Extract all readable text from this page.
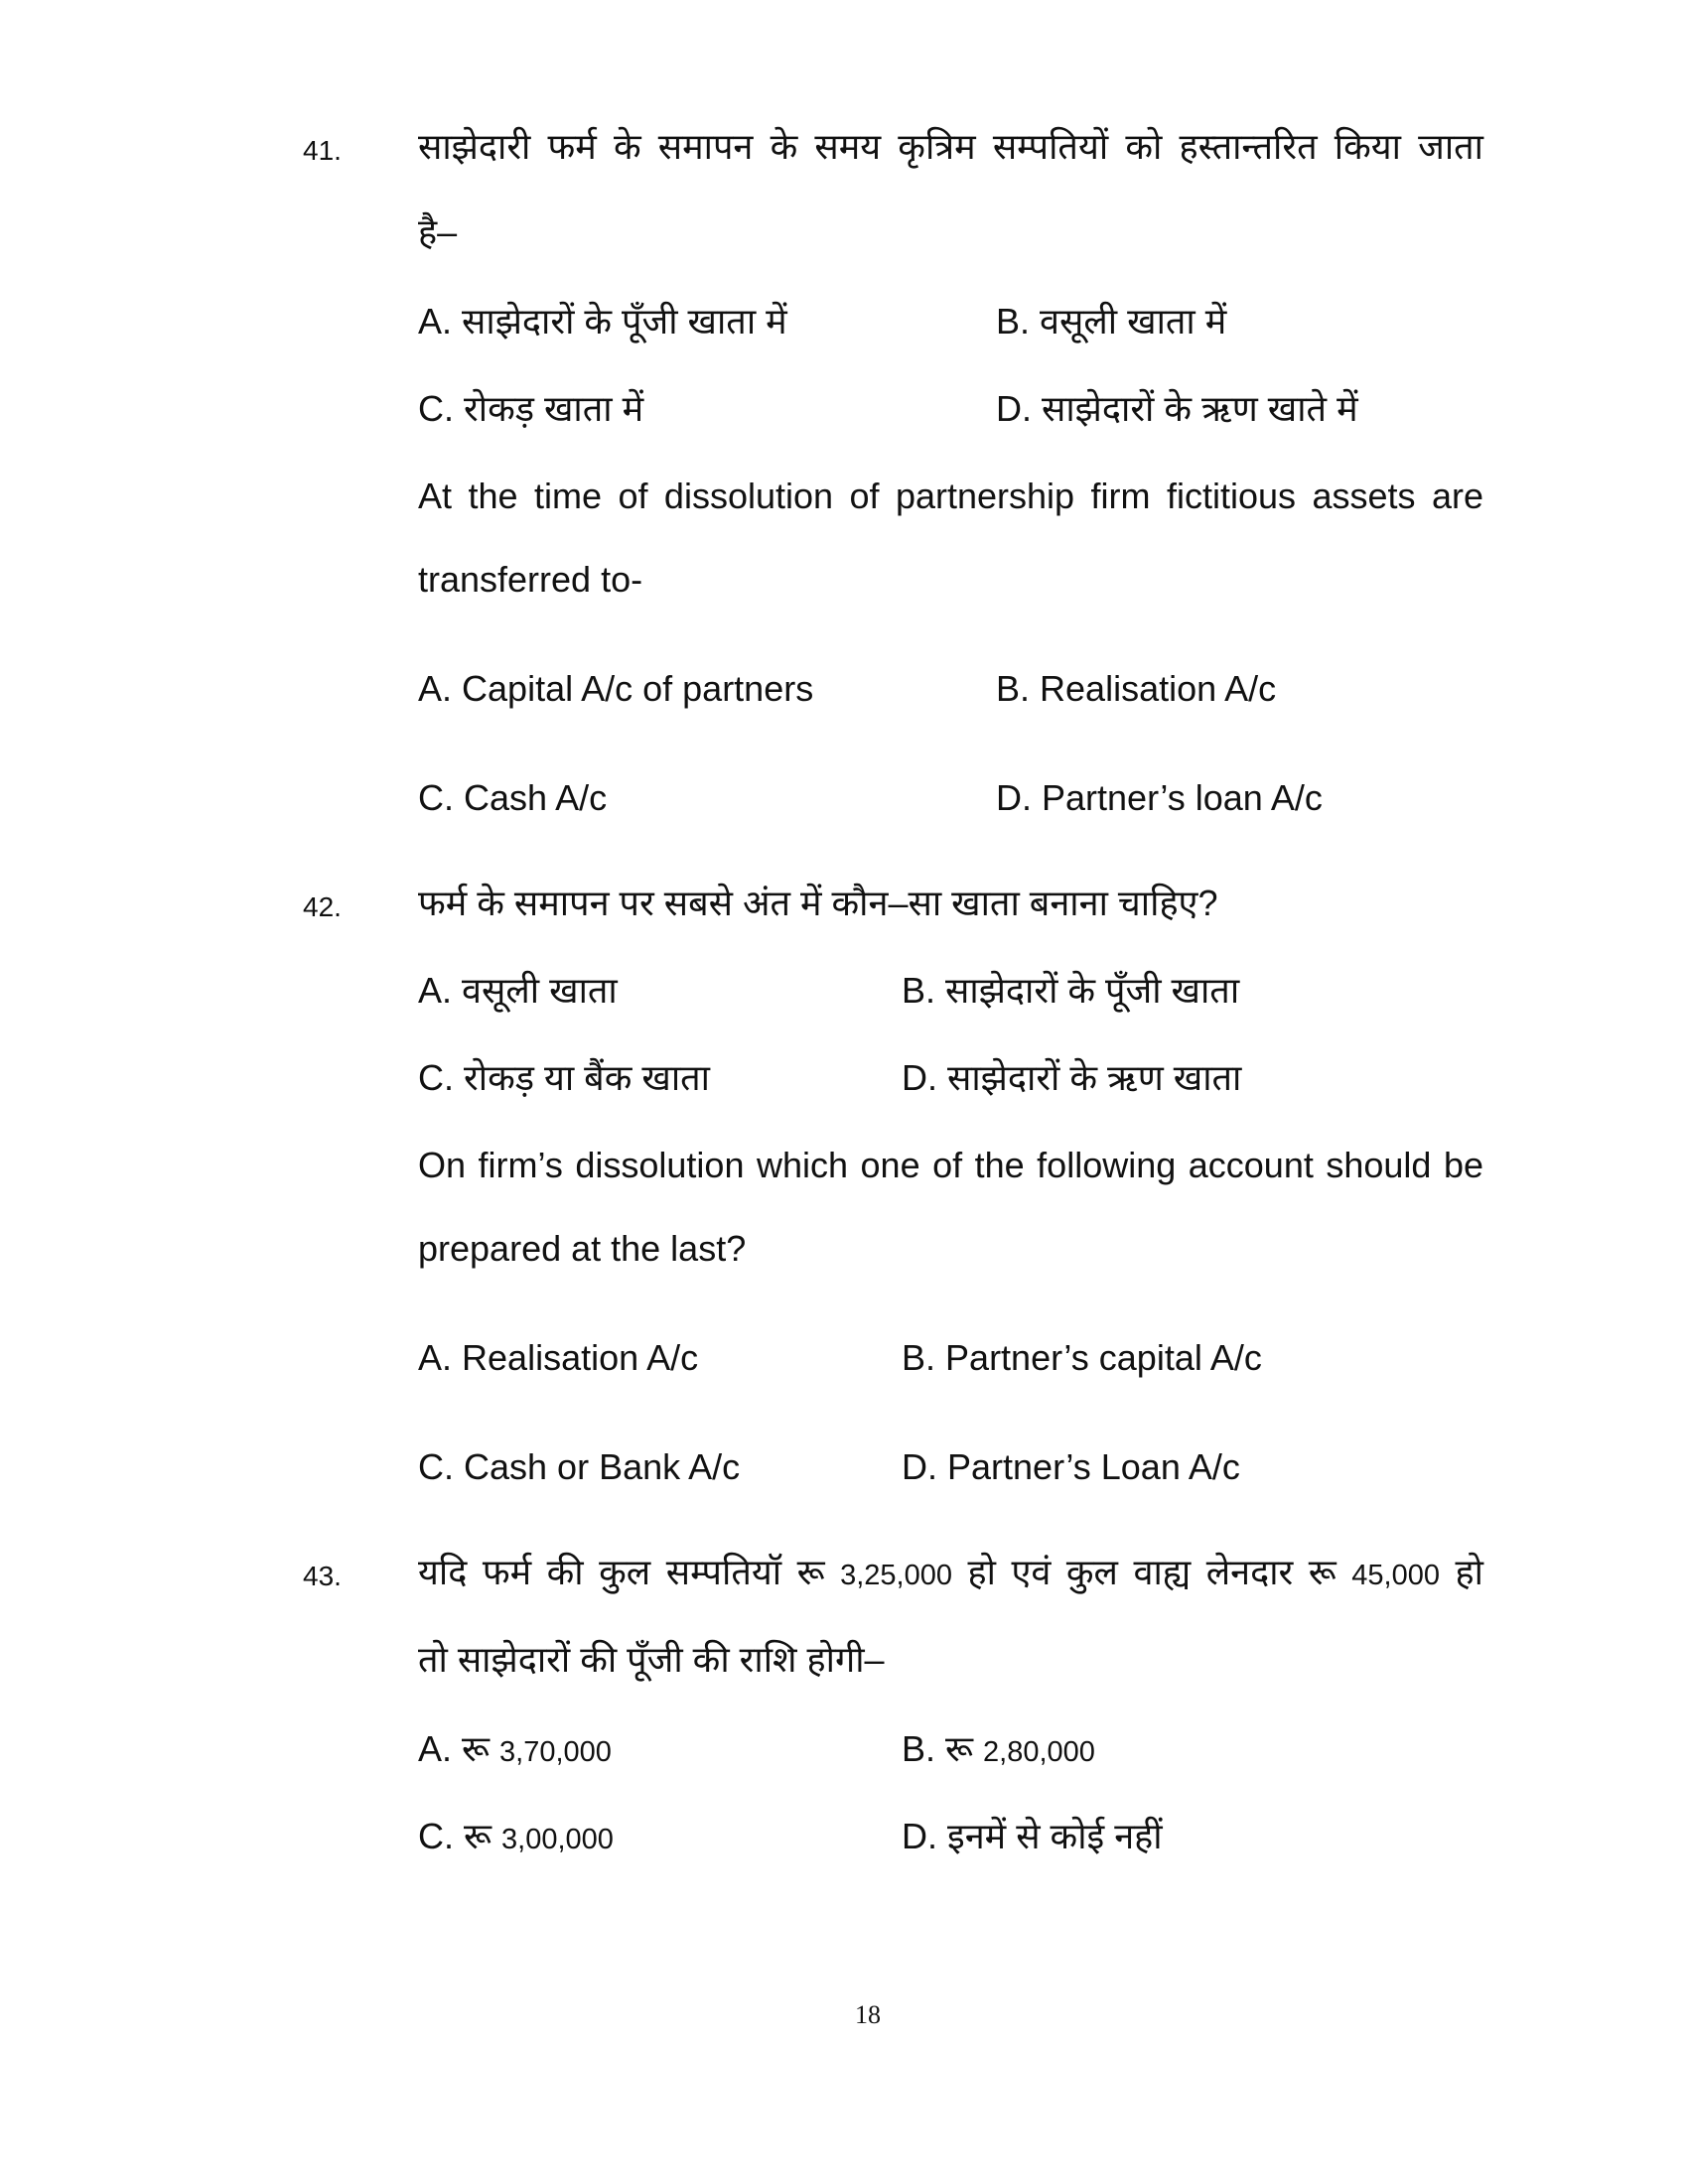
41. साझेदारी फर्म के समापन के समय कृत्रिम सम्पतियों को हस्तान्तरित किया जाता
है–
A. साझेदारों के पूँजी खाता में	B. वसूली खाता में
C. रोकड़ खाता में	D. साझेदारों के ऋण खाते में
At the time of dissolution of partnership firm fictitious assets are
transferred to-
A. Capital A/c of partners	B. Realisation A/c
C. Cash A/c	D. Partner’s loan A/c
42. फर्म के समापन पर सबसे अंत में कौन–सा खाता बनाना चाहिए?
A. वसूली खाता	B. साझेदारों के पूँजी खाता
C. रोकड़ या बैंक खाता	D. साझेदारों के ऋण खाता
On firm’s dissolution which one of the following account should be
prepared at the last?
A. Realisation A/c	B. Partner’s capital A/c
C. Cash or Bank A/c	D. Partner’s Loan A/c
43. यदि फर्म की कुल सम्पतियॉ रू 3,25,000 हो एवं कुल वाह्य लेनदार रू 45,000 हो
तो साझेदारों की पूँजी की राशि होगी–
A. रू 3,70,000	B. रू 2,80,000
C. रू 3,00,000	D. इनमें से कोई नहीं
18
